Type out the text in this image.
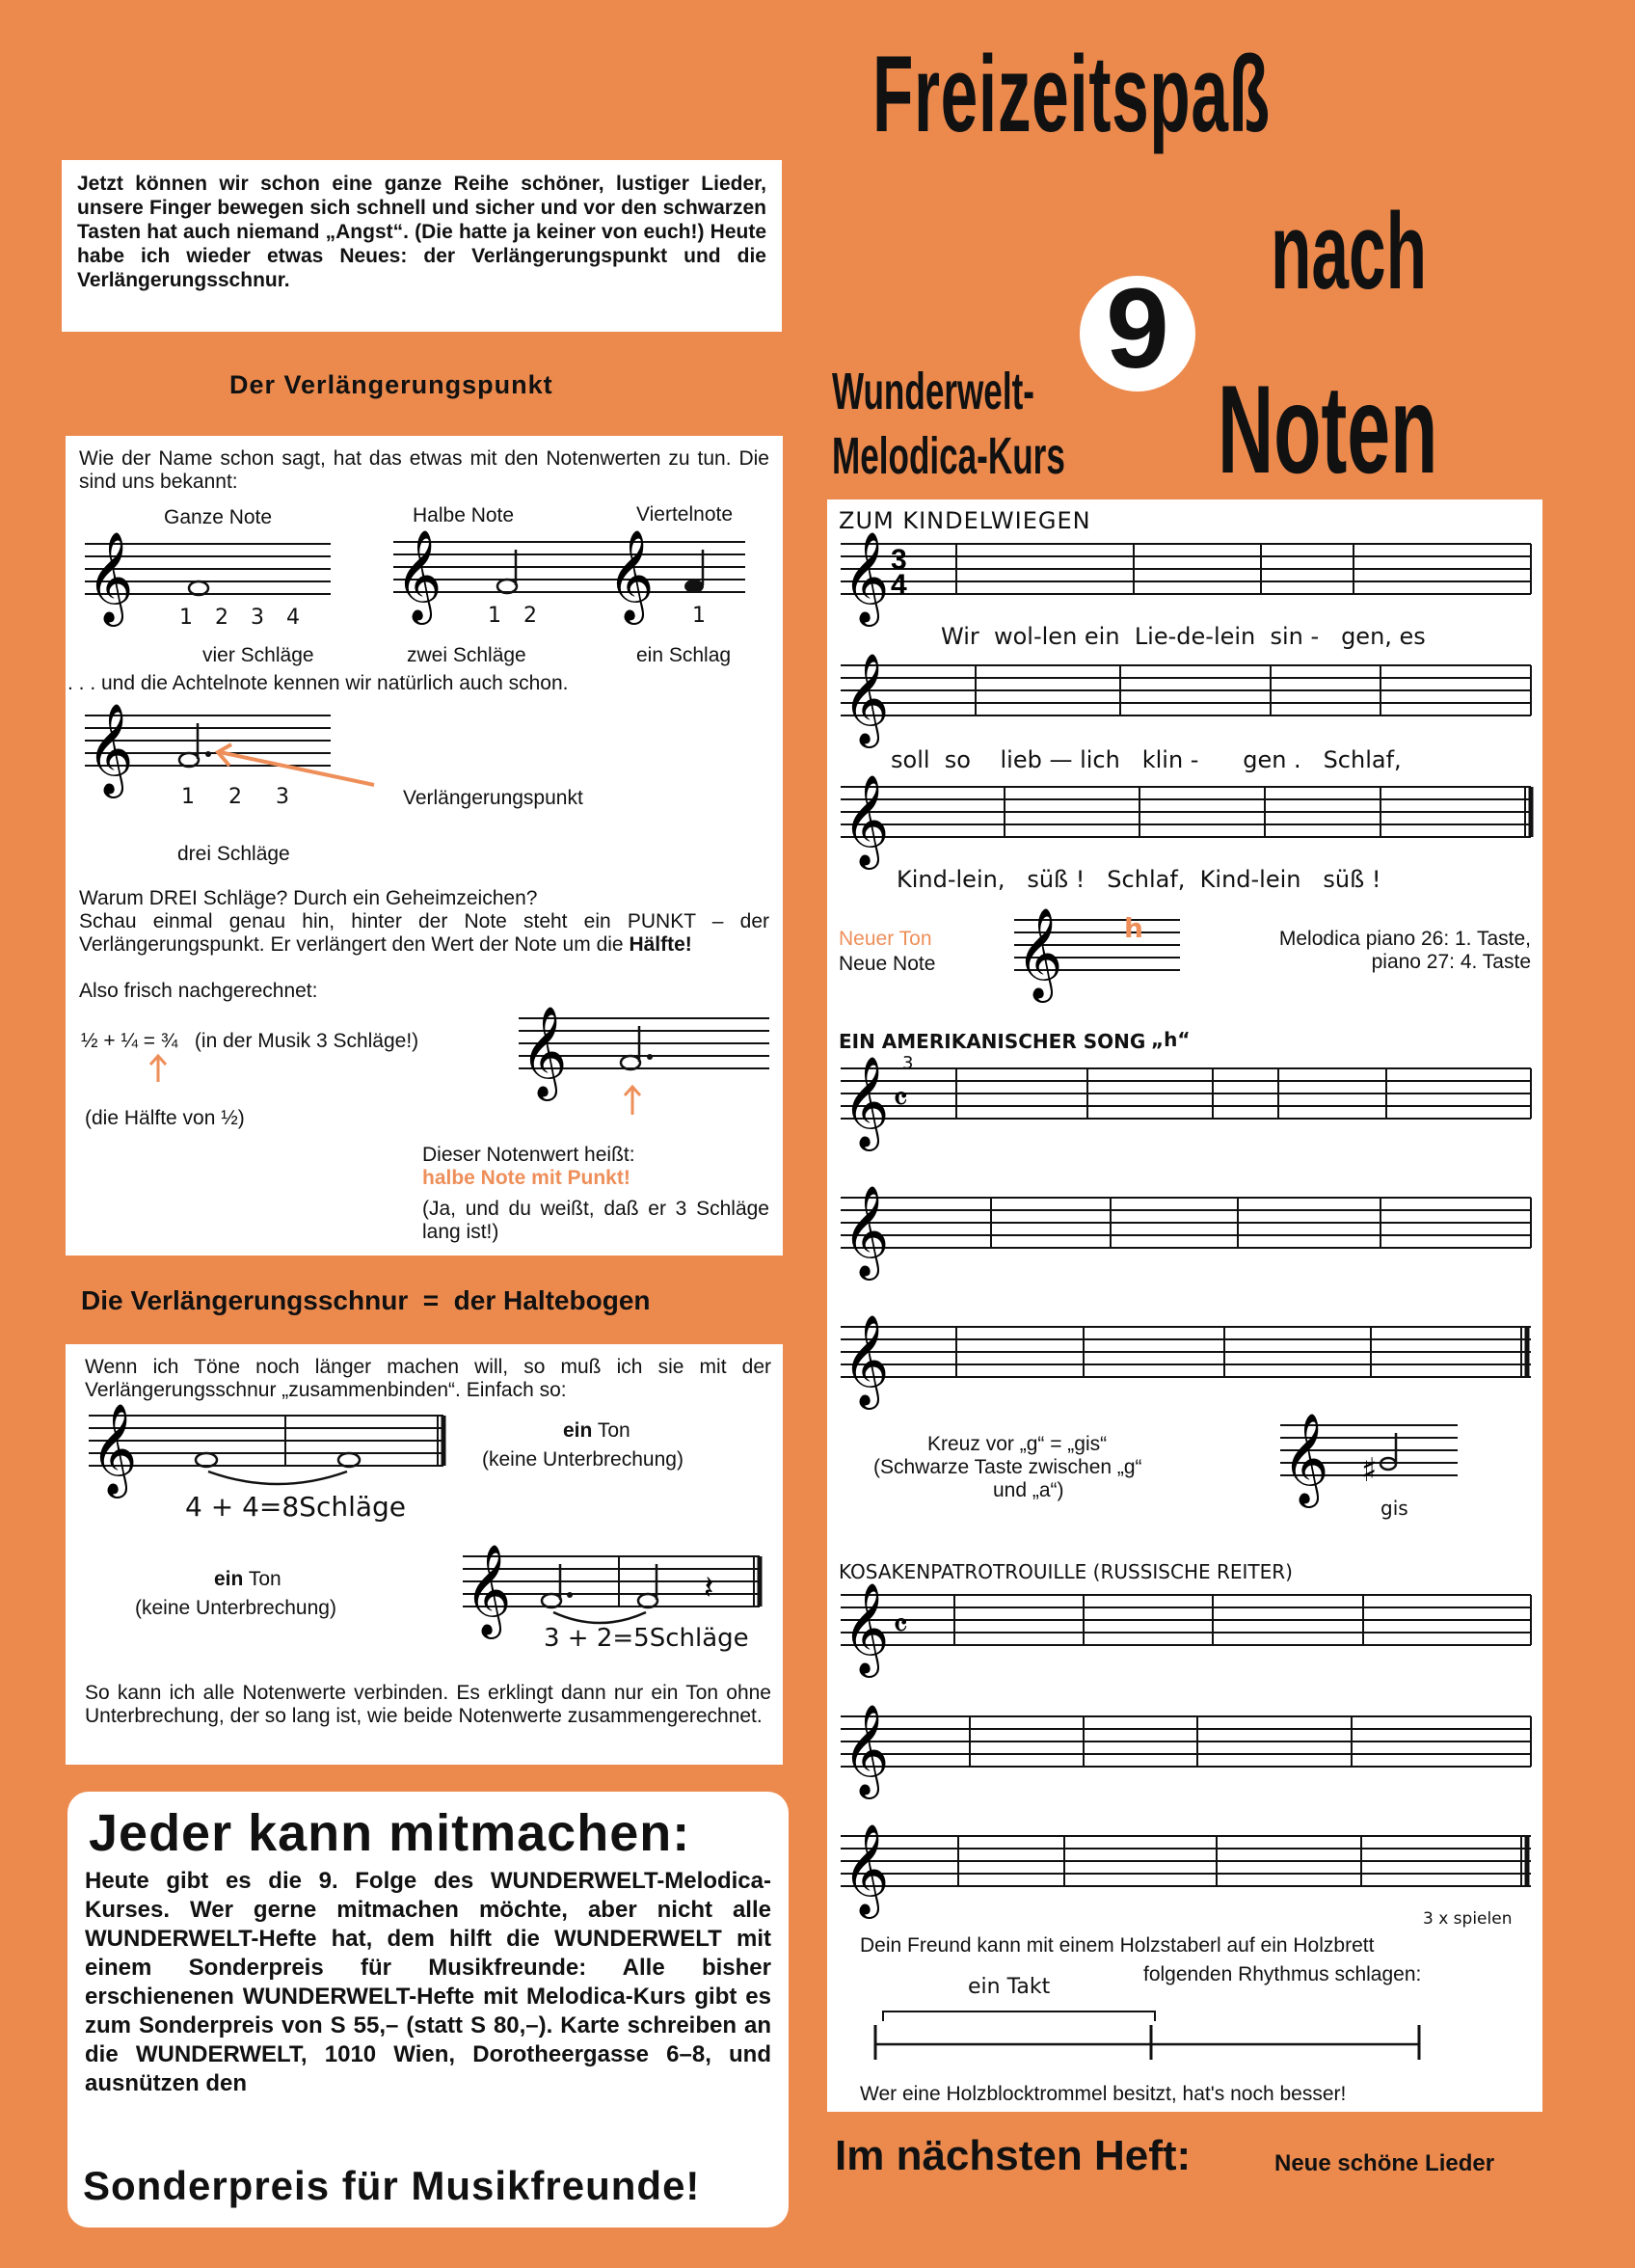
Freizeitspaß
nach
Noten
9
Wunderwelt-
Melodica-Kurs
Jetzt können wir schon eine ganze Reihe schöner, lustiger Lieder, unsere Finger bewegen sich schnell und sicher und vor den schwarzen Tasten hat auch niemand „Angst“. (Die hatte ja keiner von euch!) Heute habe ich wieder etwas Neues: der Verlängerungspunkt und die Verlängerungsschnur.
Der Verlängerungspunkt
Wie der Name schon sagt, hat das etwas mit den Notenwerten zu tun. Die sind uns bekannt:
Ganze Note	Halbe Note	Viertelnote
𝄞 1 2 3 4
vier Schläge
𝄞 1 2
zwei Schläge
𝄞 1
ein Schlag
. . . und die Achtelnote kennen wir natürlich auch schon.
𝄞
1 2 3	Verlängerungspunkt
drei Schläge
Warum DREI Schläge? Durch ein Geheimzeichen?
Schau einmal genau hin, hinter der Note steht ein PUNKT – der Verlängerungspunkt. Er verlängert den Wert der Note um die Hälfte!
Also frisch nachgerechnet:
½ + ¼ = ¾   (in der Musik 3 Schläge!)
(die Hälfte von ½)
𝄞
Dieser Notenwert heißt:
halbe Note mit Punkt!
(Ja, und du weißt, daß er 3 Schläge lang ist!)
Die Verlängerungsschnur  =  der Haltebogen
Wenn ich Töne noch länger machen will, so muß ich sie mit der Verlängerungsschnur „zusammenbinden“. Einfach so:
𝄞
4 + 4=8Schläge
ein Ton
(keine Unterbrechung)
ein Ton
(keine Unterbrechung) 𝄞	𝄽
3 + 2=5Schläge
So kann ich alle Notenwerte verbinden. Es erklingt dann nur ein Ton ohne Unterbrechung, der so lang ist, wie beide Notenwerte zusammengerechnet.
Jeder kann mitmachen:
Heute gibt es die 9. Folge des WUNDERWELT-Melodica-Kurses. Wer gerne mitmachen möchte, aber nicht alle WUNDERWELT-Hefte hat, dem hilft die WUNDERWELT mit einem Sonderpreis für Musikfreunde: Alle bisher erschienenen WUNDERWELT-Hefte mit Melodica-Kurs gibt es zum Sonderpreis von S 55,– (statt S 80,–). Karte schreiben an die WUNDERWELT, 1010 Wien, Dorotheergasse 6–8, und ausnützen den
Sonderpreis für Musikfreunde!
ZUM KINDELWIEGEN
𝄞 3
4
Wir  wol-len ein  Lie-de-lein  sin -   gen, es
𝄞
soll  so    lieb — lich   klin -      gen .   Schlaf,
𝄞
Kind-lein,   süß !   Schlaf,  Kind-lein   süß !
Neuer Ton
Neue Note 𝄞 h	Melodica piano 26: 1. Taste,
piano 27: 4. Taste
EIN AMERIKANISCHER SONG „h“
3
𝄞 𝄴
𝄞
𝄞
Kreuz vor „g“ = „gis“
(Schwarze Taste zwischen „g“
und „a“)	𝄞 ♯
gis
KOSAKENPATROTROUILLE (RUSSISCHE REITER)
𝄞 𝄴
𝄞
𝄞
3 x spielen
Dein Freund kann mit einem Holzstaberl auf ein Holzbrett
folgenden Rhythmus schlagen:
ein Takt
Wer eine Holzblocktrommel besitzt, hat's noch besser!
Im nächsten Heft:	Neue schöne Lieder
